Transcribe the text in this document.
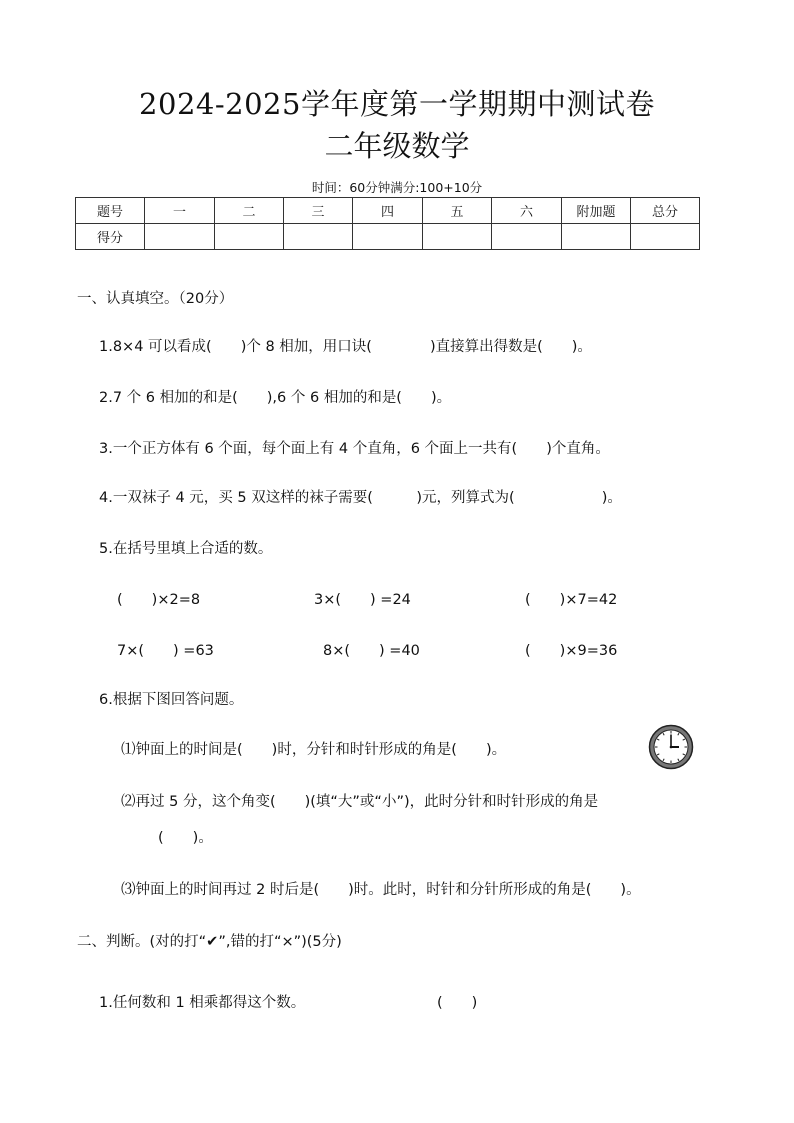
2024-2025学年度第一学期期中测试卷
二年级数学
时间：60分钟满分:100+10分
题号	一	二	三	四	五	六	附加题	总分
得分								
一、认真填空。（20分）
1.8×4 可以看成(　　)个 8 相加，用口诀(　　　　)直接算出得数是(　　)。
2.7 个 6 相加的和是(　　),6 个 6 相加的和是(　　)。
3.一个正方体有 6 个面，每个面上有 4 个直角，6 个面上一共有(　　)个直角。
4.一双袜子 4 元，买 5 双这样的袜子需要(　　　)元，列算式为(　　　　　　)。
5.在括号里填上合适的数。
(　　)×2=8	3×(　　) =24	(　　)×7=42
7×(　　) =63	8×(　　) =40	(　　)×9=36
6.根据下图回答问题。
⑴钟面上的时间是(　　)时，分针和时针形成的角是(　　)。
⑵再过 5 分，这个角变(　　)(填“大”或“小”)，此时分针和时针形成的角是
(　　)。
⑶钟面上的时间再过 2 时后是(　　)时。此时，时针和分针所形成的角是(　　)。
二、判断。(对的打“✔”,错的打“×”)(5分)
1.任何数和 1 相乘都得这个数。	(　　)
